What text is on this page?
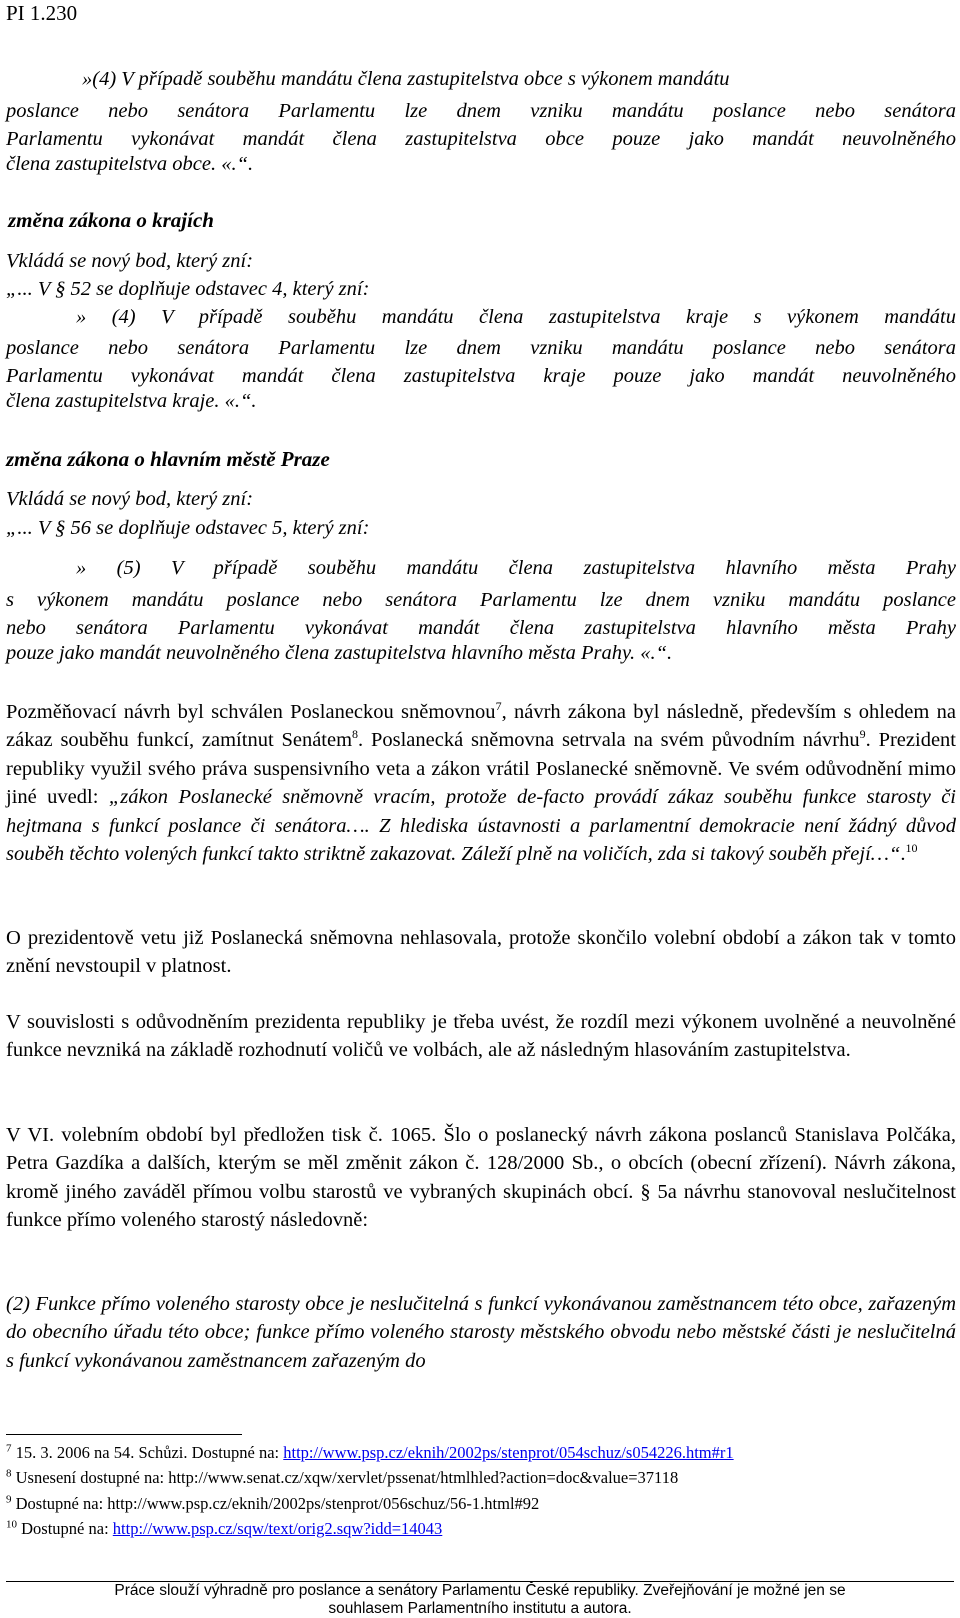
PI 1.230
»(4) V případě souběhu mandátu člena zastupitelstva obce s výkonem mandátu
poslance nebo senátora Parlamentu lze dnem vzniku mandátu poslance nebo senátora
Parlamentu vykonávat mandát člena zastupitelstva obce pouze jako mandát neuvolněného
člena zastupitelstva obce. «.“.
změna zákona o krajích
Vkládá se nový bod, který zní:
„... V § 52 se doplňuje odstavec 4, který zní:
» (4) V případě souběhu mandátu člena zastupitelstva kraje s výkonem mandátu
poslance nebo senátora Parlamentu lze dnem vzniku mandátu poslance nebo senátora
Parlamentu vykonávat mandát člena zastupitelstva kraje pouze jako mandát neuvolněného
člena zastupitelstva kraje. «.“.
změna zákona o hlavním městě Praze
Vkládá se nový bod, který zní:
„... V § 56 se doplňuje odstavec 5, který zní:
» (5) V případě souběhu mandátu člena zastupitelstva hlavního města Prahy
s výkonem mandátu poslance nebo senátora Parlamentu lze dnem vzniku mandátu poslance
nebo senátora Parlamentu vykonávat mandát člena zastupitelstva hlavního města Prahy
pouze jako mandát neuvolněného člena zastupitelstva hlavního města Prahy. «.“.
Pozměňovací návrh byl schválen Poslaneckou sněmovnou$^7$, návrh zákona byl následně, především s ohledem na zákaz souběhu funkcí, zamítnut Senátem$^8$. Poslanecká sněmovna setrvala na svém původním návrhu$^9$. Prezident republiky využil svého práva suspensivního veta a zákon vrátil Poslanecké sněmovně. Ve svém odůvodnění mimo jiné uvedl: „zákon Poslanecké sněmovně vracím, protože de-facto provádí zákaz souběhu funkce starosty či hejtmana s funkcí poslance či senátora…. Z hlediska ústavnosti a parlamentní demokracie není žádný důvod souběh těchto volených funkcí takto striktně zakazovat. Záleží plně na voličích, zda si takový souběh přejí…“.$^{10}$
O prezidentově vetu již Poslanecká sněmovna nehlasovala, protože skončilo volební období a zákon tak v tomto znění nevstoupil v platnost.
V souvislosti s odůvodněním prezidenta republiky je třeba uvést, že rozdíl mezi výkonem uvolněné a neuvolněné funkce nevzniká na základě rozhodnutí voličů ve volbách, ale až následným hlasováním zastupitelstva.
V VI. volebním období byl předložen tisk č. 1065. Šlo o poslanecký návrh zákona poslanců Stanislava Polčáka, Petra Gazdíka a dalších, kterým se měl změnit zákon č. 128/2000 Sb., o obcích (obecní zřízení). Návrh zákona, kromě jiného zaváděl přímou volbu starostů ve vybraných skupinách obcí. § 5a návrhu stanovoval neslučitelnost funkce přímo voleného starostý následovně:
(2) Funkce přímo voleného starosty obce je neslučitelná s funkcí vykonávanou zaměstnancem této obce, zařazeným do obecního úřadu této obce; funkce přímo voleného starosty městského obvodu nebo městské části je neslučitelná s funkcí vykonávanou zaměstnancem zařazeným do
$^7$ 15. 3. 2006 na 54. Schůzi. Dostupné na: http://www.psp.cz/eknih/2002ps/stenprot/054schuz/s054226.htm#r1
$^8$ Usnesení dostupné na: http://www.senat.cz/xqw/xervlet/pssenat/htmlhled?action=doc&value=37118
$^9$ Dostupné na: http://www.psp.cz/eknih/2002ps/stenprot/056schuz/56-1.html#92
$^{10}$ Dostupné na: http://www.psp.cz/sqw/text/orig2.sqw?idd=14043
Práce slouží výhradně pro poslance a senátory Parlamentu České republiky. Zveřejňování je možné jen se
souhlasem Parlamentního institutu a autora.
